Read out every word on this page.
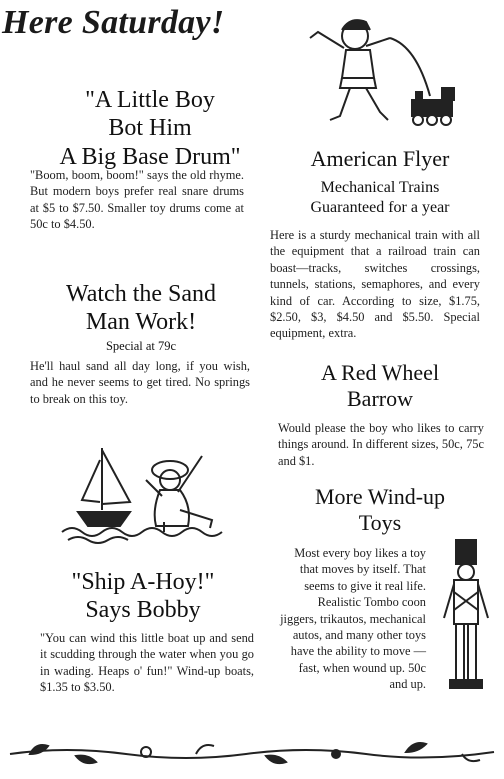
Here Saturday!
"A Little Boy
Bot Him
A Big Base Drum"
"Boom, boom, boom!" says the old rhyme. But modern boys prefer real snare drums at $5 to $7.50. Smaller toy drums come at 50c to $4.50.
Watch the Sand
Man Work!
Special at 79c
He'll haul sand all day long, if you wish, and he never seems to get tired. No springs to break on this toy.
"Ship A-Hoy!"
Says Bobby
"You can wind this little boat up and send it scudding through the water when you go in wading. Heaps o' fun!" Wind-up boats, $1.35 to $3.50.
American Flyer
Mechanical Trains
Guaranteed for a year
Here is a sturdy mechanical train with all the equipment that a railroad train can boast—tracks, switches crossings, tunnels, stations, semaphores, and every kind of car. According to size, $1.75, $2.50, $3, $4.50 and $5.50. Special equipment, extra.
A Red Wheel
Barrow
Would please the boy who likes to carry things around. In different sizes, 50c, 75c and $1.
More Wind-up
Toys
Most every boy likes a toy that moves by itself. That seems to give it real life. Realistic Tombo coon jiggers, trikautos, mechanical autos, and many other toys have the ability to move — fast, when wound up. 50c and up.
